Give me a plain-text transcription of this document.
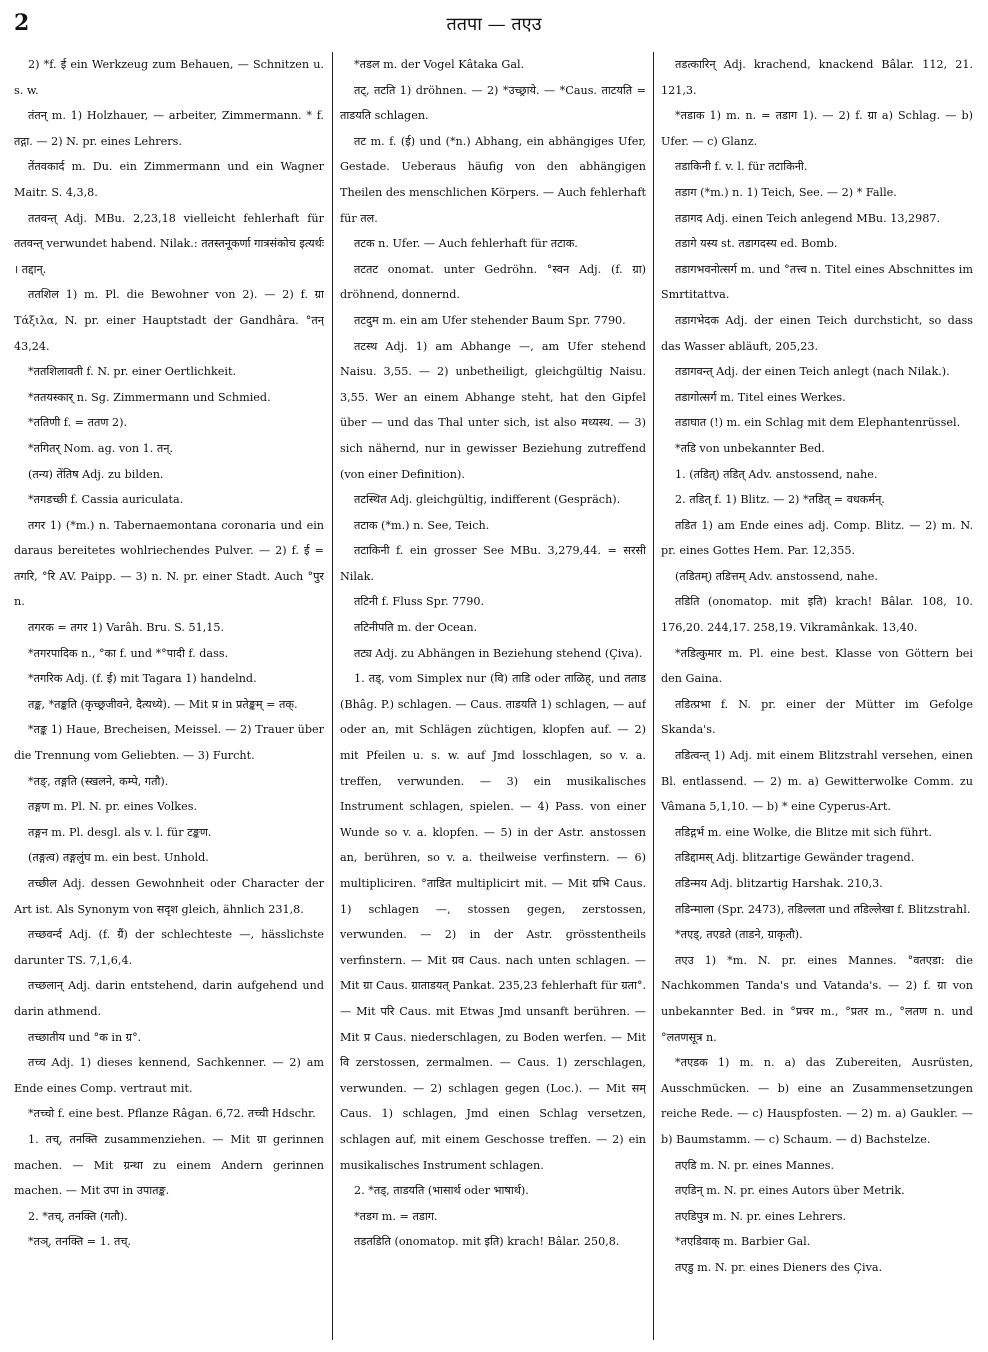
2	ततपा — तएउ
2) *f. ई ein Werkzeug zum Behauen, — Schnitzen u. s. w.
तंतन् m. 1) Holzhauer, — arbeiter, Zimmermann. * f. तद्गा. — 2) N. pr. eines Lehrers.
तेंतवकार्द m. Du. ein Zimmermann und ein Wagner Maitr. S. 4,3,8.
ततवन्त् Adj. MBu. 2,23,18 vielleicht fehlerhaft für ततवन्त् verwundet habend. Nilak.: ततस्तनूकर्णा गात्रसंकोच इत्यर्थः । तद्दान्.
ततशिल 1) m. Pl. die Bewohner von 2). — 2) f. ग्रा Τάξιλα, N. pr. einer Hauptstadt der Gandhâra. °तन् 43,24.
*ततशिलावती f. N. pr. einer Oertlichkeit.
*ततयस्कार् n. Sg. Zimmermann und Schmied.
*ततिणी f. = ततण 2).
*तगितर् Nom. ag. von 1. तन्.
(तन्य) तेंतिष Adj. zu bilden.
*तगडच्छी f. Cassia auriculata.
तगर 1) (*m.) n. Tabernaemontana coronaria und ein daraus bereitetes wohlriechendes Pulver. — 2) f. ई = तगरि, °रि AV. Paipp. — 3) n. N. pr. einer Stadt. Auch °पुर n.
तगरक = तगर 1) Varâh. Bru. S. 51,15.
*तगरपादिक n., °का f. und *°पादी f. dass.
*तगरिक Adj. (f. ई) mit Tagara 1) handelnd.
तङ्क, *तङ्कति (कृच्छ्रजीवने, दैत्यध्ये). — Mit प्र in प्रतेङ्कम् = तक्.
*तङ्क 1) Haue, Brecheisen, Meissel. — 2) Trauer über die Trennung vom Geliebten. — 3) Furcht.
*तङ्, तङ्गति (स्खलने, कम्पे, गतौ).
तङ्गण m. Pl. N. pr. eines Volkes.
तङ्गन m. Pl. desgl. als v. l. für टङ्कण.
(तङ्गत्व) तङ्गलुंघ m. ein best. Unhold.
तच्छील Adj. dessen Gewohnheit oder Character der Art ist. Als Synonym von सदृश gleich, ähnlich 231,8.
तच्छवर्न्द Adj. (f. ग्रैं) der schlechteste —, hässlichste darunter TS. 7,1,6,4.
तच्छलान् Adj. darin entstehend, darin aufgehend und darin athmend.
तच्छातीय und °क in ग्र°.
तच्च Adj. 1) dieses kennend, Sachkenner. — 2) am Ende eines Comp. vertraut mit.
*तच्चो f. eine best. Pflanze Râgan. 6,72. तच्ची Hdschr.
1. तच्, तनक्ति zusammenziehen. — Mit ग्रा gerinnen machen. — Mit ग्रन्था zu einem Andern gerinnen machen. — Mit उपा in उपातङ्क.
2. *तच्, तनक्ति (गतौ).
*तञ्, तनक्ति = 1. तच्.
*तडल m. der Vogel Kâtaka Gal.
तट्, तटति 1) dröhnen. — 2) *उच्छ्राये. — *Caus. ताटयति = ताडयति schlagen.
तट m. f. (ई) und (*n.) Abhang, ein abhängiges Ufer, Gestade. Ueberaus häufig von den abhängigen Theilen des menschlichen Körpers. — Auch fehlerhaft für तल.
तटक n. Ufer. — Auch fehlerhaft für तटाक.
तटतट onomat. unter Gedröhn. °स्वन Adj. (f. ग्रा) dröhnend, donnernd.
तटदुम m. ein am Ufer stehender Baum Spr. 7790.
तटस्थ Adj. 1) am Abhange —, am Ufer stehend Naisu. 3,55. — 2) unbetheiligt, gleichgültig Naisu. 3,55. Wer an einem Abhange steht, hat den Gipfel über — und das Thal unter sich, ist also मध्यस्थ. — 3) sich nähernd, nur in gewisser Beziehung zutreffend (von einer Definition).
तटस्थित Adj. gleichgültig, indifferent (Gespräch).
तटाक (*m.) n. See, Teich.
तटाकिनी f. ein grosser See MBu. 3,279,44. = सरसी Nilak.
तटिनी f. Fluss Spr. 7790.
तटिनीपति m. der Ocean.
तट्य Adj. zu Abhängen in Beziehung stehend (Çiva).
1. तड्, vom Simplex nur (वि) ताडि oder ताळिह्, und तताड (Bhâg. P.) schlagen. — Caus. ताडयति 1) schlagen, — auf oder an, mit Schlägen züchtigen, klopfen auf. — 2) mit Pfeilen u. s. w. auf Jmd losschlagen, so v. a. treffen, verwunden. — 3) ein musikalisches Instrument schlagen, spielen. — 4) Pass. von einer Wunde so v. a. klopfen. — 5) in der Astr. anstossen an, berühren, so v. a. theilweise verfinstern. — 6) multipliciren. °ताडित multiplicirt mit. — Mit ग्रभि Caus. 1) schlagen —, stossen gegen, zerstossen, verwunden. — 2) in der Astr. grösstentheils verfinstern. — Mit ग्रव Caus. nach unten schlagen. — Mit ग्रा Caus. ग्राताडयत् Pankat. 235,23 fehlerhaft für ग्रता°. — Mit परि Caus. mit Etwas Jmd unsanft berühren. — Mit प्र Caus. niederschlagen, zu Boden werfen. — Mit वि zerstossen, zermalmen. — Caus. 1) zerschlagen, verwunden. — 2) schlagen gegen (Loc.). — Mit सम् Caus. 1) schlagen, Jmd einen Schlag versetzen, schlagen auf, mit einem Geschosse treffen. — 2) ein musikalisches Instrument schlagen.
2. *तड्, ताडयति (भासार्थ oder भाषार्थ).
*तडग m. = तडाग.
तडतडिति (onomatop. mit इति) krach! Bâlar. 250,8.
तडत्कारिन् Adj. krachend, knackend Bâlar. 112, 21. 121,3.
*तडाक 1) m. n. = तडाग 1). — 2) f. ग्रा a) Schlag. — b) Ufer. — c) Glanz.
तडाकिनी f. v. l. für तटाकिनी.
तडाग (*m.) n. 1) Teich, See. — 2) * Falle.
तडागद Adj. einen Teich anlegend MBu. 13,2987.
तडागे यस्य st. तडागदस्य ed. Bomb.
तडागभवनोत्सर्ग m. und °तत्त्व n. Titel eines Abschnittes im Smrtitattva.
तडागभेदक Adj. der einen Teich durchsticht, so dass das Wasser abläuft, 205,23.
तडागवन्त् Adj. der einen Teich anlegt (nach Nilak.).
तडागोत्सर्ग m. Titel eines Werkes.
तडाघात (!) m. ein Schlag mit dem Elephantenrüssel.
*तडि von unbekannter Bed.
1. (तडित्) तडित् Adv. anstossend, nahe.
2. तडित् f. 1) Blitz. — 2) *तडित् = वधकर्मन्.
तडित 1) am Ende eines adj. Comp. Blitz. — 2) m. N. pr. eines Gottes Hem. Par. 12,355.
(तडितम्) तडित्तम् Adv. anstossend, nahe.
तडिति (onomatop. mit इति) krach! Bâlar. 108, 10. 176,20. 244,17. 258,19. Vikramânkak. 13,40.
*तडित्कुमार m. Pl. eine best. Klasse von Göttern bei den Gaina.
तडित्प्रभा f. N. pr. einer der Mütter im Gefolge Skanda's.
तडित्वन्त् 1) Adj. mit einem Blitzstrahl versehen, einen Bl. entlassend. — 2) m. a) Gewitterwolke Comm. zu Vâmana 5,1,10. — b) * eine Cyperus-Art.
तडिद्गर्भ m. eine Wolke, die Blitze mit sich führt.
तडिद्दामस् Adj. blitzartige Gewänder tragend.
तडिन्मय Adj. blitzartig Harshak. 210,3.
तडिन्माला (Spr. 2473), तडिल्लता und तडिल्लेखा f. Blitzstrahl.
*तएड्, तएडते (ताडने, ग्राकृतौ).
तएउ 1) *m. N. pr. eines Mannes. °वतएडा: die Nachkommen Tanda's und Vatanda's. — 2) f. ग्रा von unbekannter Bed. in °प्रचर m., °प्रतर m., °लतण n. und °लतणसूत्र n.
*तएडक 1) m. n. a) das Zubereiten, Ausrüsten, Ausschmücken. — b) eine an Zusammensetzungen reiche Rede. — c) Hauspfosten. — 2) m. a) Gaukler. — b) Baumstamm. — c) Schaum. — d) Bachstelze.
तएडि m. N. pr. eines Mannes.
तएडिन् m. N. pr. eines Autors über Metrik.
तएडिपुत्र m. N. pr. eines Lehrers.
*तएडिवाक् m. Barbier Gal.
तएडु m. N. pr. eines Dieners des Çiva.
